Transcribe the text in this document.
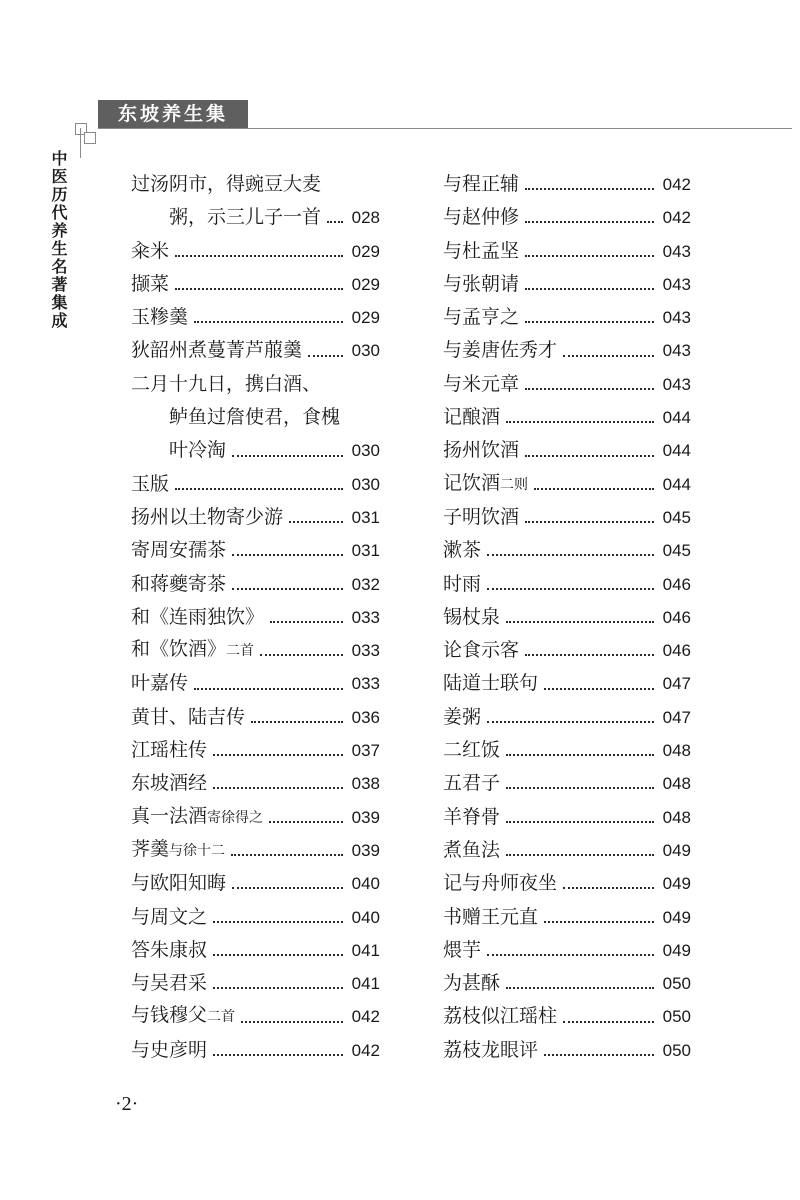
东坡养生集
中医历代养生名著集成	过汤阴市，得豌豆大麦
粥，示三儿子一首 028
籴米	029
撷菜	029
玉糁羹	029
狄韶州煮蔓菁芦菔羹	030
二月十九日，携白酒、
鲈鱼过詹使君，食槐
叶冷淘	030
玉版	030
扬州以土物寄少游	031
寄周安孺茶	031
和蒋夔寄茶	032
和《连雨独饮》	033
和《饮酒》二首	033
叶嘉传	033
黄甘、陆吉传	036
江瑶柱传	037
东坡酒经	038
真一法酒寄徐得之	039
荠羹与徐十二	039
与欧阳知晦	040
与周文之	040
答朱康叔	041
与吴君采	041
与钱穆父二首	042
与史彦明	042
与程正辅	042
与赵仲修	042
与杜孟坚	043
与张朝请	043
与孟亨之	043
与姜唐佐秀才	043
与米元章	043
记酿酒	044
扬州饮酒	044
记饮酒二则	044
子明饮酒	045
漱茶	045
时雨	046
锡杖泉	046
论食示客	046
陆道士联句	047
姜粥	047
二红饭	048
五君子	048
羊脊骨	048
煮鱼法	049
记与舟师夜坐	049
书赠王元直	049
煨芋	049
为甚酥	050
荔枝似江瑶柱	050
荔枝龙眼评	050
·2·
